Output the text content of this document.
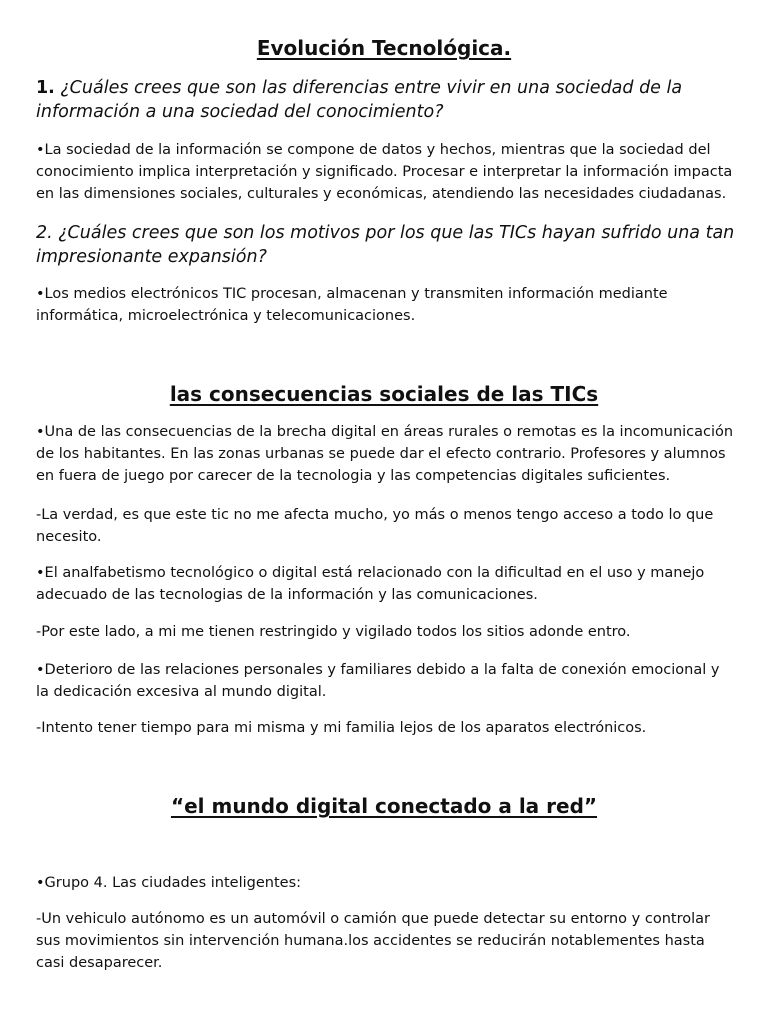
Evolución Tecnológica.
1. ¿Cuáles crees que son las diferencias entre vivir en una sociedad de la información a una sociedad del conocimiento?
•La sociedad de la información se compone de datos y hechos, mientras que la sociedad del conocimiento implica interpretación y significado. Procesar e interpretar la información impacta en las dimensiones sociales, culturales y económicas, atendiendo las necesidades ciudadanas.
2. ¿Cuáles crees que son los motivos por los que las TICs hayan sufrido una tan impresionante expansión?
•Los medios electrónicos TIC procesan, almacenan y transmiten información mediante informática, microelectrónica y telecomunicaciones.
las consecuencias sociales de las TICs
•Una de las consecuencias de la brecha digital en áreas rurales o remotas es la incomunicación de los habitantes. En las zonas urbanas se puede dar el efecto contrario. Profesores y alumnos en fuera de juego por carecer de la tecnologia y las competencias digitales suficientes.
-La verdad, es que este tic no me afecta mucho, yo más o menos tengo acceso a todo lo que necesito.
•El analfabetismo tecnológico o digital está relacionado con la dificultad en el uso y manejo adecuado de las tecnologias de la información y las comunicaciones.
-Por este lado, a mi me tienen restringido y vigilado todos los sitios adonde entro.
•Deterioro de las relaciones personales y familiares debido a la falta de conexión emocional y la dedicación excesiva al mundo digital.
-Intento tener tiempo para mi misma y mi familia lejos de los aparatos electrónicos.
“el mundo digital conectado a la red”
•Grupo 4. Las ciudades inteligentes:
-Un vehiculo autónomo es un automóvil o camión que puede detectar su entorno y controlar sus movimientos sin intervención humana.los accidentes se reducirán notablementes hasta casi desaparecer.
